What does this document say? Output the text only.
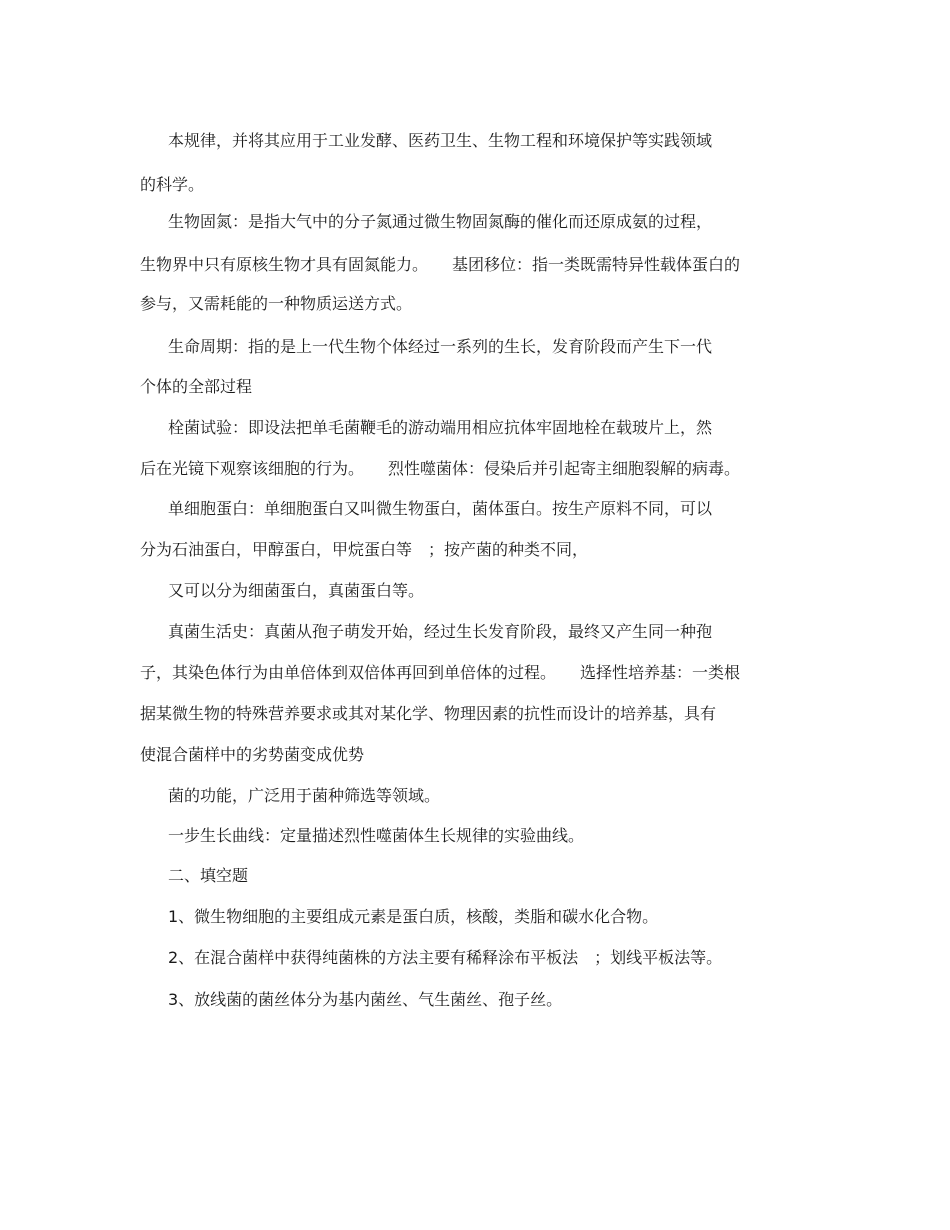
本规律，并将其应用于工业发酵、医药卫生、生物工程和环境保护等实践领域
的科学。
生物固氮：是指大气中的分子氮通过微生物固氮酶的催化而还原成氨的过程，
生物界中只有原核生物才具有固氮能力。　　基团移位：指一类既需特异性载体蛋白的
参与，又需耗能的一种物质运送方式。
生命周期：指的是上一代生物个体经过一系列的生长，发育阶段而产生下一代
个体的全部过程
栓菌试验：即设法把单毛菌鞭毛的游动端用相应抗体牢固地栓在载玻片上，然
后在光镜下观察该细胞的行为。　　烈性噬菌体：侵染后并引起寄主细胞裂解的病毒。
单细胞蛋白：单细胞蛋白又叫微生物蛋白，菌体蛋白。按生产原料不同，可以
分为石油蛋白，甲醇蛋白，甲烷蛋白等　；按产菌的种类不同，
又可以分为细菌蛋白，真菌蛋白等。
真菌生活史：真菌从孢子萌发开始，经过生长发育阶段，最终又产生同一种孢
子，其染色体行为由单倍体到双倍体再回到单倍体的过程。　　选择性培养基：一类根
据某微生物的特殊营养要求或其对某化学、物理因素的抗性而设计的培养基，具有
使混合菌样中的劣势菌变成优势
菌的功能，广泛用于菌种筛选等领域。
一步生长曲线：定量描述烈性噬菌体生长规律的实验曲线。
二、填空题
1、微生物细胞的主要组成元素是蛋白质，核酸，类脂和碳水化合物。
2、在混合菌样中获得纯菌株的方法主要有稀释涂布平板法　；划线平板法等。
3、放线菌的菌丝体分为基内菌丝、气生菌丝、孢子丝。
